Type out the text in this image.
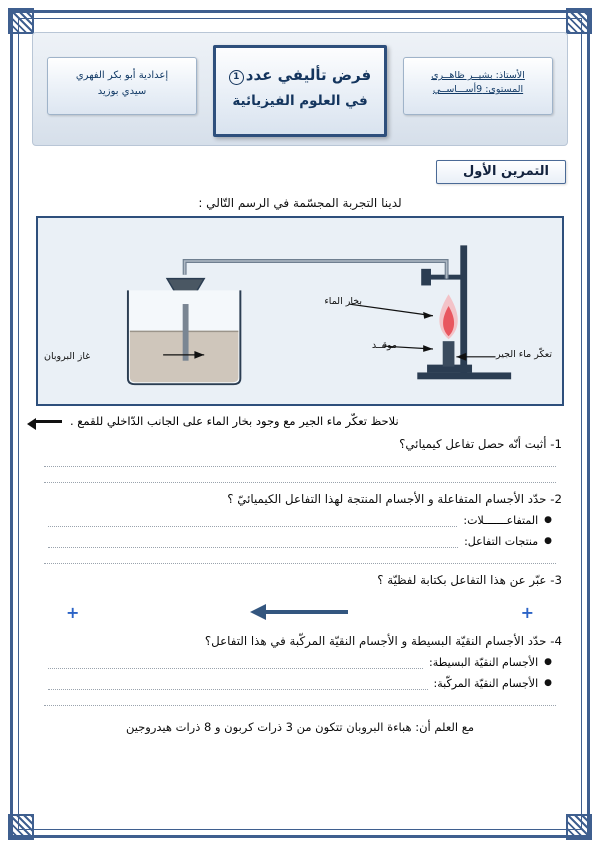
الأستاذ: بشيــر ظاهــري
المستوى: 9أســـاســي
فرض تأليفي عدد1
في العلوم الفيزيائية
إعدادية أبو بكر الفهري
سيدي بوزيد
التمرين الأول
لدينا التجربة المجسّمة في الرسم التّالي :
بخار الماء
موقــد
غاز البروبان	تعكّر ماء الجير
نلاحظ تعكّر ماء الجير مع وجود بخار الماء على الجانب الدّاخلي للقمع .
1- أثبت أنّه حصل تفاعل كيميائي؟
2- حدّد الأجسام المتفاعلة و الأجسام المنتجة لهذا التفاعل الكيميائيّ ؟
●
المتفاعـــــــلات:
●
منتجات التفاعل:
3- عبّر عن هذا التفاعل بكتابة لفظيّة ؟
+
+
4- حدّد الأجسام النقيّة البسيطة و الأجسام النقيّة المركّبة في هذا التفاعل؟
●
الأجسام النقيّة البسيطة:
●
الأجسام النقيّة المركّبة:
مع العلم أن: هباءة البروبان تتكون من 3 ذرات كربون و 8 ذرات هيدروجين
